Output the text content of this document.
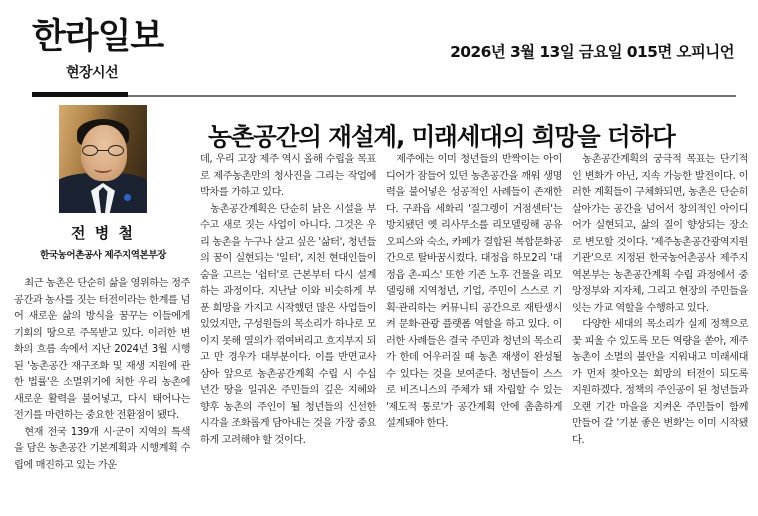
한라일보
현장시선
2026년 3월 13일 금요일 015면 오피니언
농촌공간의 재설계, 미래세대의 희망을 더하다
전 병 철
한국농어촌공사 제주지역본부장

최근 농촌은 단순히 삶을 영위하는 정주공간과 농사를 짓는 터전이라는 한계를 넘어 새로운 삶의 방식을 꿈꾸는 이들에게 기회의 땅으로 주목받고 있다. 이러한 변화의 흐름 속에서 지난 2024년 3월 시행된 '농촌공간 재구조화 및 재생 지원에 관한 법률'은 소멸위기에 처한 우리 농촌에 새로운 활력을 불어넣고, 다시 태어나는 전기를 마련하는 중요한 전환점이 됐다.

현재 전국 139개 시·군이 지역의 특색을 담은 농촌공간 기본계획과 시행계획 수립에 매진하고 있는 가운

데, 우리 고장 제주 역시 올해 수립을 목표로 제주농촌만의 청사진을 그리는 작업에 박차를 가하고 있다.

농촌공간계획은 단순히 낡은 시설을 부수고 새로 짓는 사업이 아니다. 그것은 우리 농촌을 누구나 살고 싶은 '삶터', 청년들의 꿈이 실현되는 '일터', 지친 현대인들이 숨을 고르는 '쉼터'로 근본부터 다시 설계하는 과정이다. 지난날 이와 비슷하게 부푼 희망을 가지고 시작했던 많은 사업들이 있었지만, 구성원들의 목소리가 하나로 모이지 못해 열의가 꺾여버리고 흐지부지 되고 만 경우가 대부분이다. 이를 반면교사 삼아 앞으로 농촌공간계획 수립 시 수십 년간 땅을 일궈온 주민들의 깊은 지혜와 향후 농촌의 주인이 될 청년들의 신선한 시각을 조화롭게 담아내는 것을 가장 중요하게 고려해야 할 것이다.

제주에는 이미 청년들의 반짝이는 아이디어가 잠들어 있던 농촌공간을 깨워 생명력을 불어넣은 성공적인 사례들이 존재한다. 구좌읍 세화리 '질그렝이 거점센터'는 방치됐던 옛 리사무소를 리모델링해 공유 오피스와 숙소, 카페가 결합된 복합문화공간으로 탈바꿈시켰다. 대정읍 하모2리 '대정읍 촌-피스' 또한 기존 노후 건물을 리모델링해 지역청년, 기업, 주민이 스스로 기획·관리하는 커뮤니티 공간으로 재탄생시켜 문화·관광 플랫폼 역할을 하고 있다. 이러한 사례들은 결국 주민과 청년의 목소리가 한데 어우러질 때 농촌 재생이 완성될 수 있다는 것을 보여준다. 청년들이 스스로 비즈니스의 주체가 돼 자립할 수 있는 '제도적 통로'가 공간계획 안에 촘촘하게 설계돼야 한다.

농촌공간계획의 궁극적 목표는 단기적인 변화가 아닌, 지속 가능한 발전이다. 이러한 계획들이 구체화되면, 농촌은 단순히 살아가는 공간을 넘어서 창의적인 아이디어가 실현되고, 삶의 질이 향상되는 장소로 변모할 것이다. '제주농촌공간광역지원기관'으로 지정된 한국농어촌공사 제주지역본부는 농촌공간계획 수립 과정에서 중앙정부와 지자체, 그리고 현장의 주민들을 잇는 가교 역할을 수행하고 있다.

다양한 세대의 목소리가 실제 정책으로 꽃 피울 수 있도록 모든 역량을 쏟아, 제주농촌이 소멸의 불안을 지워내고 미래세대가 먼저 찾아오는 희망의 터전이 되도록 지원하겠다. 정책의 주인공이 된 청년들과 오랜 기간 마을을 지켜온 주민들이 함께 만들어 갈 '기분 좋은 변화'는 이미 시작됐다.
